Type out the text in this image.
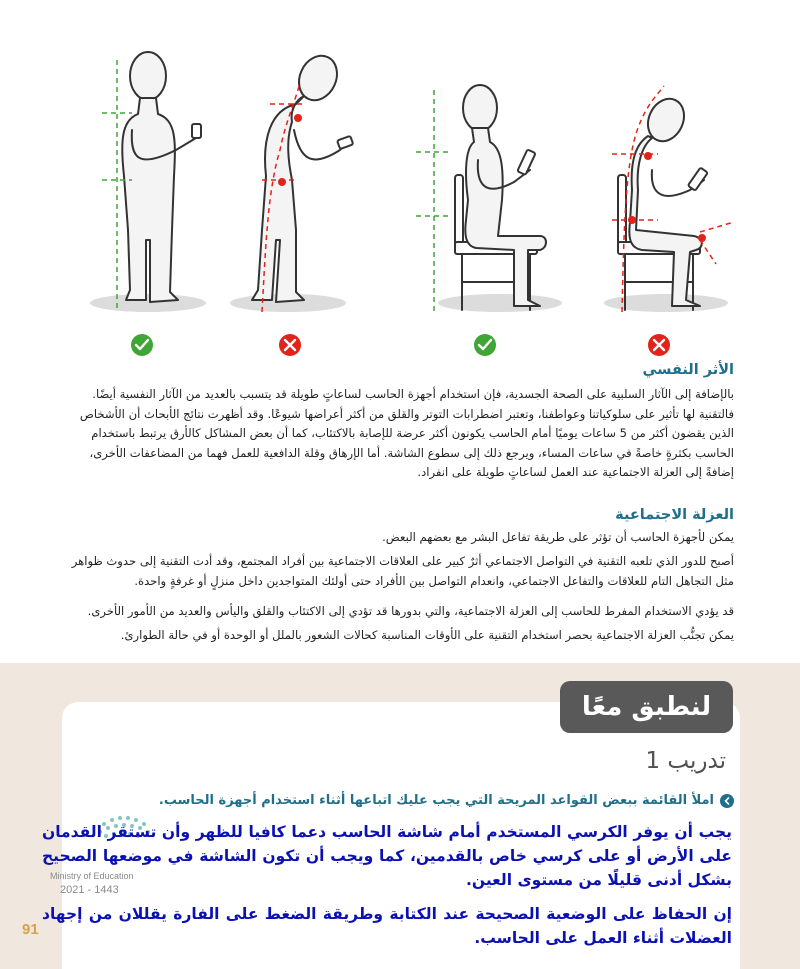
الأثر النفسي
بالإضافة إلى الآثار السلبية على الصحة الجسدية، فإن استخدام أجهزة الحاسب لساعاتٍ طويلة قد يتسبب بالعديد من الآثار النفسية أيضًا. فالتقنية لها تأثير على سلوكياتنا وعواطفنا، وتعتبر اضطرابات التوتر والقلق من أكثر أعراضها شيوعًا. وقد أظهرت نتائج الأبحاث أن الأشخاص الذين يقضون أكثر من 5 ساعات يوميًا أمام الحاسب يكونون أكثر عرضة للإصابة بالاكتئاب، كما أن بعض المشاكل كالأرق يرتبط باستخدام الحاسب بكثرةٍ خاصةً في ساعات المساء، ويرجع ذلك إلى سطوع الشاشة. أما الإرهاق وقلة الدافعية للعمل فهما من المضاعفات الأخرى، إضافةً إلى العزلة الاجتماعية عند العمل لساعاتٍ طويلة على انفراد.
العزلة الاجتماعية
يمكن لأجهزة الحاسب أن تؤثر على طريقة تفاعل البشر مع بعضهم البعض.
أصبح للدور الذي تلعبه التقنية في التواصل الاجتماعي أثرٌ كبير على العلاقات الاجتماعية بين أفراد المجتمع، وقد أدت التقنية إلى حدوث ظواهر مثل التجاهل التام للعلاقات والتفاعل الاجتماعي، وانعدام التواصل بين الأفراد حتى أولئك المتواجدين داخل منزلٍ أو غرفةٍ واحدة.
قد يؤدي الاستخدام المفرط للحاسب إلى العزلة الاجتماعية، والتي بدورها قد تؤدي إلى الاكتئاب والقلق واليأس والعديد من الأمور الأخرى.
يمكن تجنُّب العزلة الاجتماعية بحصر استخدام التقنية على الأوقات المناسبة كحالات الشعور بالملل أو الوحدة أو في حالة الطوارئ.
لنطبق معًا
تدريب 1
املأ القائمة ببعض القواعد المريحة التي يجب عليك اتباعها أثناء استخدام أجهزة الحاسب.
Ministry of Education
2021 - 1443
91
يجب أن يوفر الكرسي المستخدم أمام شاشة الحاسب دعما كافيا للظهر وأن تستقر القدمان على الأرض أو على كرسي خاص بالقدمين، كما ويجب أن تكون الشاشة في موضعها الصحيح بشكل أدنى قليلًا من مستوى العين.
إن الحفاظ على الوضعية الصحيحة عند الكتابة وطريقة الضغط على الفارة يقللان من إجهاد العضلات أثناء العمل على الحاسب.
